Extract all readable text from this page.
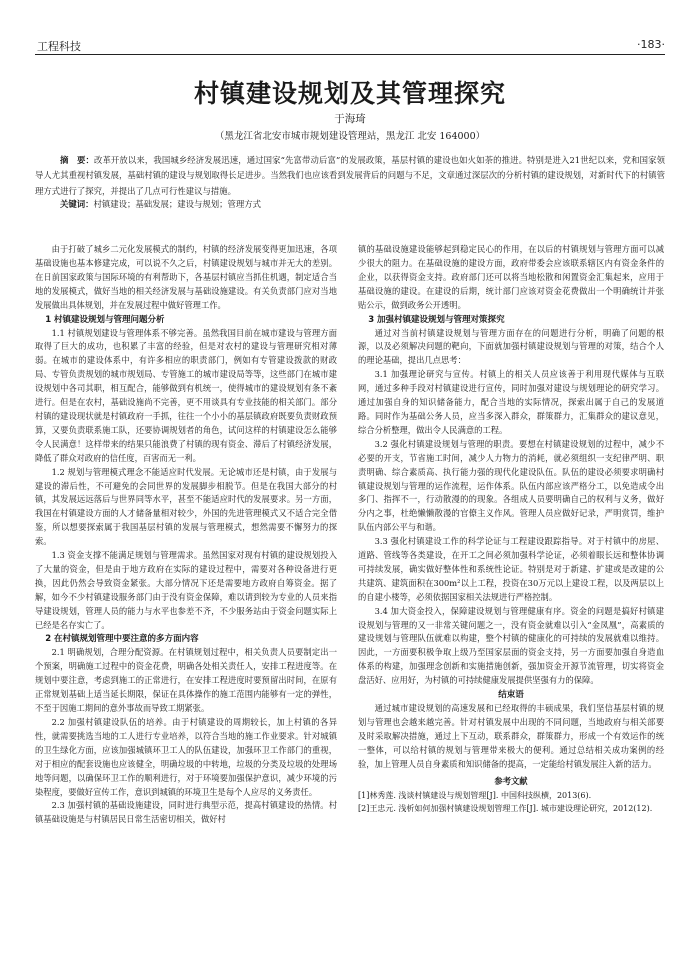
工程科技	·183·
村镇建设规划及其管理探究
于海琦
（黑龙江省北安市城市规划建设管理站，黑龙江 北安 164000）
摘　要：改革开放以来，我国城乡经济发展迅速，通过国家“先富带动后富”的发展政策，基层村镇的建设也如火如荼的推进。特别是进入21世纪以来，党和国家领导人尤其重视村镇发展，基础村镇的建设与规划取得长足进步。当然我们也应该看到发展背后的问题与不足，文章通过深层次的分析村镇的建设规划，对新时代下的村镇管理方式进行了探究，并提出了几点可行性建议与措施。
关键词：村镇建设；基础发展；建设与规划；管理方式

由于打破了城乡二元化发展模式的制约，村镇的经济发展变得更加迅速，各项基础设施也基本修建完成，可以说不久之后，村镇建设规划与城市并无大的差别。在日前国家政策与国际环境的有利帮助下，各基层村镇应当抓住机遇，制定适合当地的发展模式，做好当地的相关经济发展与基础设施建设。有关负责部门应对当地发展做出具体规划，并在发展过程中做好管理工作。

1 村镇建设规划与管理问题分析

1.1 村镇规划建设与管理体系不够完善。虽然我国目前在城市建设与管理方面取得了巨大的成功，也积累了丰富的经验，但是对农村的建设与管理研究相对薄弱。在城市的建设体系中，有许多相应的职责部门，例如有专管建设拨款的财政局、专管负责规划的城市规划局、专管施工的城市建设局等等，这些部门在城市建设规划中各司其职，相互配合，能够做到有机统一，使得城市的建设规划有条不紊进行。但是在农村，基础设施尚不完善，更不用谈具有专业技能的相关部门。部分村镇的建设现状就是村镇政府一手抓，往往一个小小的基层镇政府既要负责财政预算，又要负责联系施工队，还要协调规划者的角色，试问这样的村镇建设怎么能够令人民满意！这样带来的结果只能浪费了村镇的现有资金、滞后了村镇经济发展，降低了群众对政府的信任度，百害而无一利。

1.2 规划与管理模式理念不能适应时代发展。无论城市还是村镇，由于发展与建设的滞后性，不可避免的会同世界的发展脚步相脱节。但是在我国大部分的村镇，其发展远远落后与世界同等水平，甚至不能适应时代的发展要求。另一方面，我国在村镇建设方面的人才储备量相对较少，外国的先进管理模式又不适合完全借鉴，所以想要探索属于我国基层村镇的发展与管理模式，想然需要不懈努力的探索。

1.3 资金支撑不能满足规划与管理需求。虽然国家对现有村镇的建设规划投入了大量的资金，但是由于地方政府在实际的建设过程中，需要对各种设备进行更换，因此仍然会导致资金紧张。大部分情况下还是需要地方政府自筹资金。据了解，如今不少村镇建设服务部门由于没有资金保障，难以请到较为专业的人员来指导建设规划，管理人员的能力与水平也参差不齐，不少服务站由于资金问题实际上已经是名存实亡了。

2 在村镇规划管理中要注意的多方面内容

2.1 明确规划，合理分配资源。在村镇规划过程中，相关负责人员要制定出一个预案，明确施工过程中的资金花费，明确各处相关责任人，安排工程进度等。在规划中要注意，考虑到施工的正常进行，在安排工程进度时要预留出时间，在原有正常规划基础上适当延长期限，保证在具体操作的施工范围内能够有一定的弹性，不至于因施工期间的意外事故而导致工期紧张。

2.2 加强村镇建设队伍的培养。由于村镇建设的周期较长，加上村镇的各异性，就需要挑选当地的工人进行专业培养，以符合当地的施工作业要求。针对城镇的卫生绿化方面，应该加强城镇环卫工人的队伍建设，加强环卫工作部门的重视，对于相应的配套设施也应该健全，明确垃圾的中转地，垃圾的分类及垃圾的处理场地等问题，以确保环卫工作的顺利进行，对于环境要加强保护意识，减少环境的污染程度，要做好宣传工作，意识到城镇的环境卫生是每个人应尽的义务责任。

2.3 加强村镇的基础设施建设，同时进行典型示范，提高村镇建设的热情。村镇基础设施是与村镇居民日常生活密切相关，做好村

镇的基础设施建设能够起到稳定民心的作用，在以后的村镇规划与管理方面可以减少很大的阻力。在基础设施的建设方面，政府带委会应该联系辖区内有资金条件的企业，以获得资金支持。政府部门还可以将当地松散和闲置资金汇集起来，应用于基础设施的建设。在建设的后期，统计部门应该对资金花费做出一个明确统计并张贴公示，做到政务公开透明。

3 加强村镇建设规划与管理对策探究

通过对当前村镇建设规划与管理方面存在的问题进行分析，明确了问题的根源，以及必须解决问题的靶向，下面就加强村镇建设规划与管理的对策，结合个人的理论基础，提出几点思考：

3.1 加强理论研究与宣传。村镇上的相关人员应该善于利用现代媒体与互联网，通过多种手段对村镇建设进行宣传，同时加强对建设与规划理论的研究学习。通过加强自身的知识储备能力，配合当地的实际情况，探索出属于自己的发展道路。同时作为基础公务人员，应当多深入群众，群策群力，汇集群众的建议意见，综合分析整理，做出令人民满意的工程。

3.2 强化村镇建设规划与管理的职责。要想在村镇建设规划的过程中，减少不必要的开支，节省施工时间，减少人力物力的消耗，就必须组织一支纪律严明、职责明确、综合素质高、执行能力强的现代化建设队伍。队伍的建设必须要求明确村镇建设规划与管理的运作流程，运作体系。队伍内部应该严格分工，以免造成令出多门、指挥不一，行动散漫的的现象。各组成人员要明确自己的权利与义务，做好分内之事，杜绝懒懒散漫的官僚主义作风。管理人员应做好记录，严明赏罚，维护队伍内部公平与和谐。

3.3 强化村镇建设工作的科学论证与工程建设跟踪指导。对于村镇中的房屋、道路、管线等各类建设，在开工之间必须加强科学论证，必须着眼长远和整体协调可持续发展，确实做好整体性和系统性论证。特别是对于新建、扩建或是改建的公共建筑、建筑面积在300m²以上工程，投资在30万元以上建设工程，以及两层以上的自建小楼等，必须依据国家相关法规进行严格控制。

3.4 加大资金投入，保障建设规划与管理健康有序。资金的问题是搞好村镇建设规划与管理的又一非常关键问题之一，没有资金就难以引入“金凤凰”，高素质的建设规划与管理队伍就难以构建，整个村镇的健康化的可持续的发展就难以维持。因此，一方面要积极争取上级乃至国家层面的资金支持，另一方面要加强自身造血体系的构建，加强理念创新和实施措施创新，强加资金开源节流管理，切实将资金盘活好、应用好，为村镇的可持续健康发展提供坚强有力的保障。

结束语

通过城市建设规划的高速发展和已经取得的丰硕成果，我们坚信基层村镇的规划与管理也会越来越完善。针对村镇发展中出现的不同问题，当地政府与相关部要及时采取解决措施，通过上下互动，联系群众，群策群力，形成一个有效运作的统一整体，可以给村镇的规划与管理带来极大的便利。通过总结相关成功案例的经验，加上管理人员自身素质和知识储备的提高，一定能给村镇发展注入新的活力。

参考文献

[1]林秀莲. 浅谈村镇建设与规划管理[J]. 中国科技纵横，2013(6).

[2]王忠元. 浅析如何加强村镇建设规划管理工作[J]. 城市建设理论研究，2012(12).
